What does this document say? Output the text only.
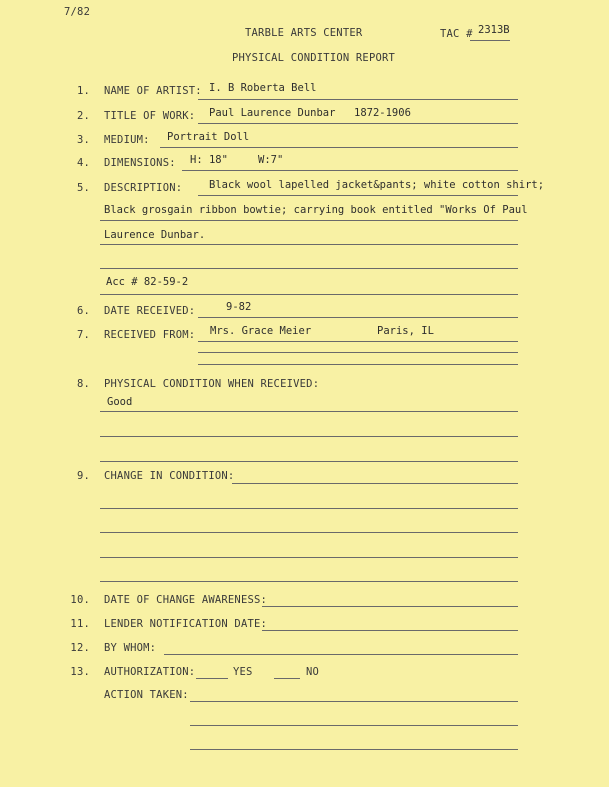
7/82
TARBLE ARTS CENTER	TAC # 2313B
PHYSICAL CONDITION REPORT
1. NAME OF ARTIST: I. B Roberta Bell
2. TITLE OF WORK: Paul Laurence Dunbar 1872-1906
3. MEDIUM: Portrait Doll
4. DIMENSIONS: H: 18"	W:7"
5. DESCRIPTION:	Black wool lapelled jacket&pants; white cotton shirt;
Black grosgain ribbon bowtie; carrying book entitled "Works Of Paul
Laurence Dunbar.
Acc # 82-59-2
6. DATE RECEIVED:	9-82
7. RECEIVED FROM: Mrs. Grace Meier	Paris, IL
8. PHYSICAL CONDITION WHEN RECEIVED:
Good
9. CHANGE IN CONDITION:
10. DATE OF CHANGE AWARENESS:
11. LENDER NOTIFICATION DATE:
12. BY WHOM:
13. AUTHORIZATION:	YES	NO
ACTION TAKEN:
